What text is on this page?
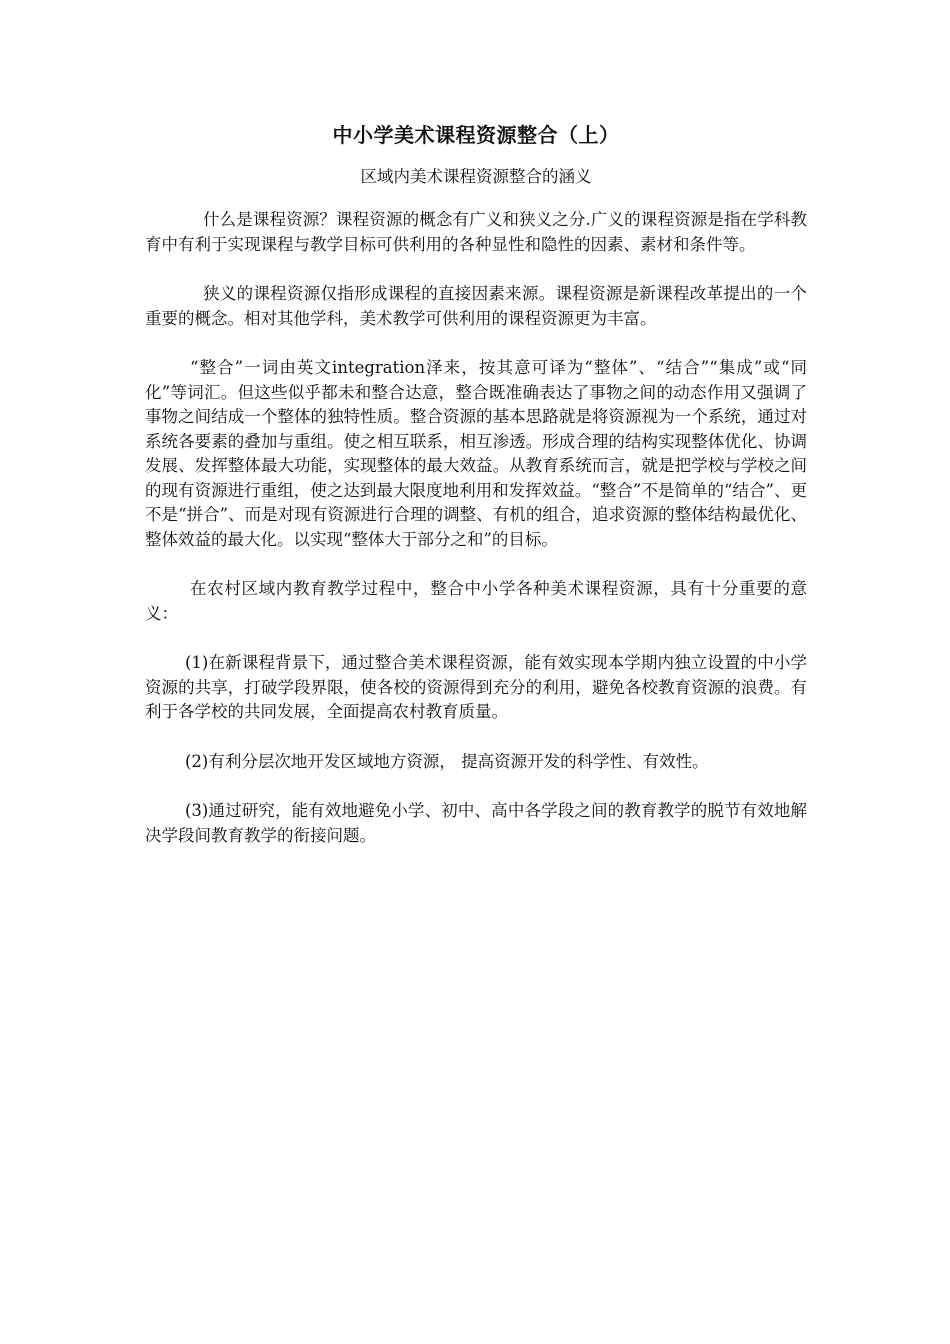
中小学美术课程资源整合（上）

区域内美术课程资源整合的涵义

什么是课程资源？课程资源的概念有广义和狭义之分.广义的课程资源是指在学科教育中有利于实现课程与教学目标可供利用的各种显性和隐性的因素、素材和条件等。

狭义的课程资源仅指形成课程的直接因素来源。课程资源是新课程改革提出的一个重要的概念。相对其他学科，美术教学可供利用的课程资源更为丰富。

“整合”一词由英文integration泽来，按其意可译为“整体”、“结合”“集成”或“同 化”等词汇。但这些似乎都未和整合达意，整合既准确表达了事物之间的动态作用又强调了事物之间结成一个整体的独特性质。整合资源的基本思路就是将资源视为一个系统，通过对系统各要素的叠加与重组。使之相互联系，相互渗透。形成合理的结构实现整体优化、协调发展、发挥整体最大功能，实现整体的最大效益。从教育系统而言，就是把学校与学校之间的现有资源进行重组，使之达到最大限度地利用和发挥效益。“整合”不是简单的“结合”、更不是“拼合”、而是对现有资源进行合理的调整、有机的组合，追求资源的整体结构最优化、整体效益的最大化。以实现“整体大于部分之和”的目标。

在农村区域内教育教学过程中，整合中小学各种美术课程资源，具有十分重要的意义：

(1)在新课程背景下，通过整合美术课程资源，能有效实现本学期内独立设置的中小学资源的共享，打破学段界限，使各校的资源得到充分的利用，避免各校教育资源的浪费。有利于各学校的共同发展，全面提高农村教育质量。

(2)有利分层次地开发区域地方资源， 提高资源开发的科学性、有效性。

(3)通过研究，能有效地避免小学、初中、高中各学段之间的教育教学的脱节有效地解决学段间教育教学的衔接问题。
